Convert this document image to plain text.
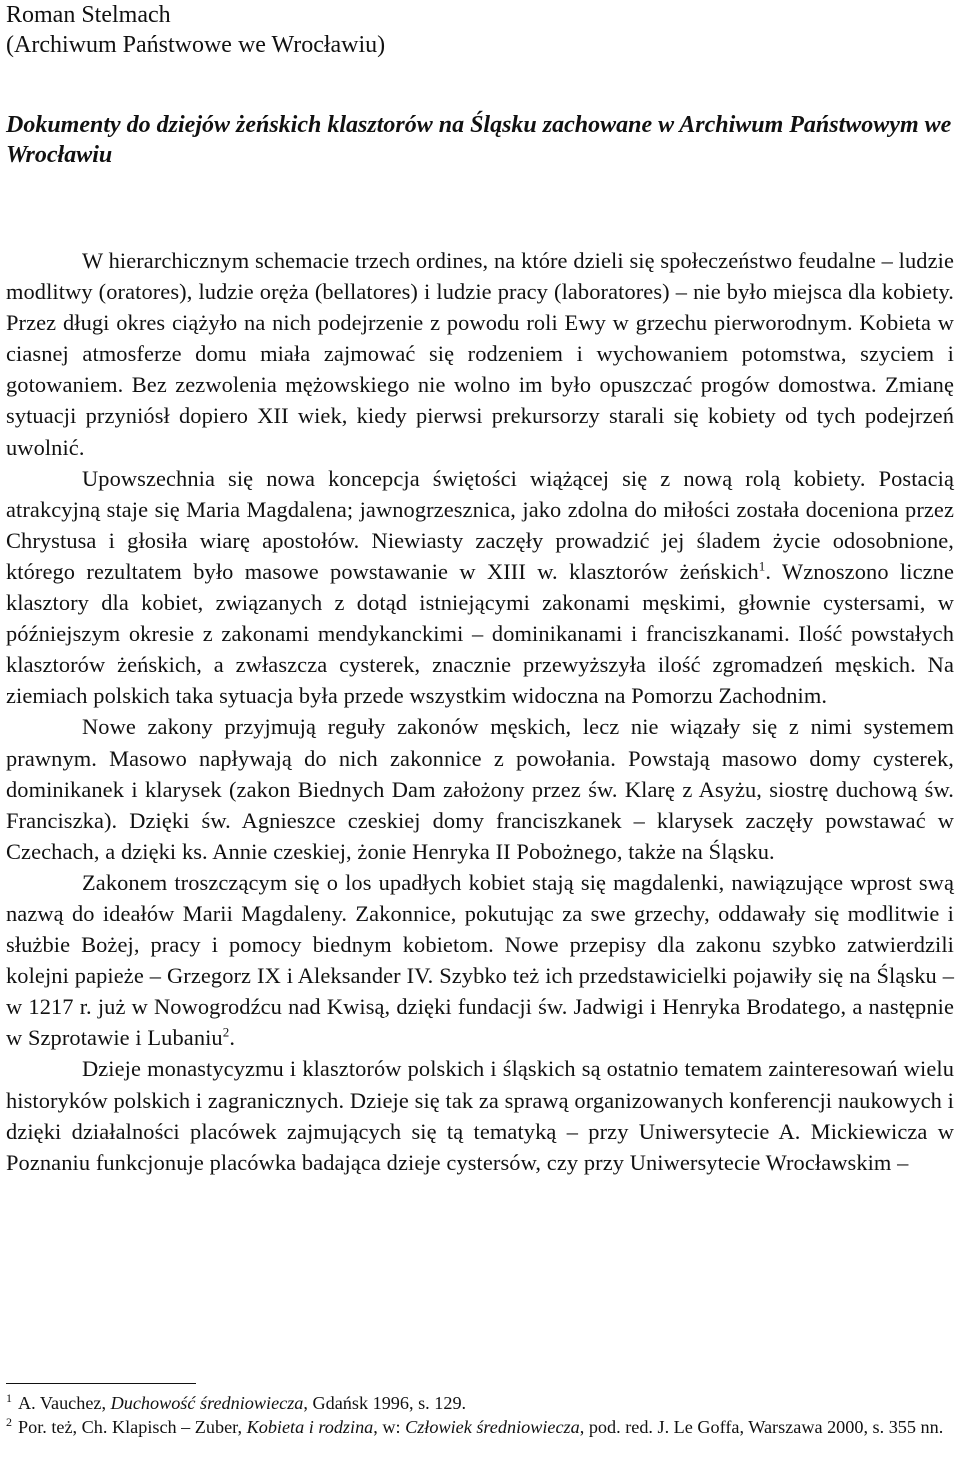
Roman Stelmach
(Archiwum Państwowe we Wrocławiu)
Dokumenty do dziejów żeńskich klasztorów na Śląsku zachowane w Archiwum Państwowym we Wrocławiu

W hierarchicznym schemacie trzech ordines, na które dzieli się społeczeństwo feudalne – ludzie modlitwy (oratores), ludzie oręża (bellatores) i ludzie pracy (laboratores) – nie było miejsca dla kobiety. Przez długi okres ciążyło na nich podejrzenie z powodu roli Ewy w grzechu pierworodnym. Kobieta w ciasnej atmosferze domu miała zajmować się rodzeniem i wychowaniem potomstwa, szyciem i gotowaniem. Bez zezwolenia mężowskiego nie wolno im było opuszczać progów domostwa. Zmianę sytuacji przyniósł dopiero XII wiek, kiedy pierwsi prekursorzy starali się kobiety od tych podejrzeń uwolnić.

Upowszechnia się nowa koncepcja świętości wiążącej się z nową rolą kobiety. Postacią atrakcyjną staje się Maria Magdalena; jawnogrzesznica, jako zdolna do miłości została doceniona przez Chrystusa i głosiła wiarę apostołów. Niewiasty zaczęły prowadzić jej śladem życie odosobnione, którego rezultatem było masowe powstawanie w XIII w. klasztorów żeńskich$^1$. Wznoszono liczne klasztory dla kobiet, związanych z dotąd istniejącymi zakonami męskimi, głownie cystersami, w późniejszym okresie z zakonami mendykanckimi – dominikanami i franciszkanami. Ilość powstałych klasztorów żeńskich, a zwłaszcza cysterek, znacznie przewyższyła ilość zgromadzeń męskich. Na ziemiach polskich taka sytuacja była przede wszystkim widoczna na Pomorzu Zachodnim.

Nowe zakony przyjmują reguły zakonów męskich, lecz nie wiązały się z nimi systemem prawnym. Masowo napływają do nich zakonnice z powołania. Powstają masowo domy cysterek, dominikanek i klarysek (zakon Biednych Dam założony przez św. Klarę z Asyżu, siostrę duchową św. Franciszka). Dzięki św. Agnieszce czeskiej domy franciszkanek – klarysek zaczęły powstawać w Czechach, a dzięki ks. Annie czeskiej, żonie Henryka II Pobożnego, także na Śląsku.

Zakonem troszczącym się o los upadłych kobiet stają się magdalenki, nawiązujące wprost swą nazwą do ideałów Marii Magdaleny. Zakonnice, pokutując za swe grzechy, oddawały się modlitwie i służbie Bożej, pracy i pomocy biednym kobietom. Nowe przepisy dla zakonu szybko zatwierdzili kolejni papieże – Grzegorz IX i Aleksander IV. Szybko też ich przedstawicielki pojawiły się na Śląsku – w 1217 r. już w Nowogrodźcu nad Kwisą, dzięki fundacji św. Jadwigi i Henryka Brodatego, a następnie w Szprotawie i Lubaniu$^2$.

Dzieje monastycyzmu i klasztorów polskich i śląskich są ostatnio tematem zainteresowań wielu historyków polskich i zagranicznych. Dzieje się tak za sprawą organizowanych konferencji naukowych i dzięki działalności placówek zajmujących się tą tematyką – przy Uniwersytecie A. Mickiewicza w Poznaniu funkcjonuje placówka badająca dzieje cystersów, czy przy Uniwersytecie Wrocławskim –

$^1$ A. Vauchez, Duchowość średniowiecza, Gdańsk 1996, s. 129.

$^2$ Por. też, Ch. Klapisch – Zuber, Kobieta i rodzina, w: Człowiek średniowiecza, pod. red. J. Le Goffa, Warszawa 2000, s. 355 nn.
